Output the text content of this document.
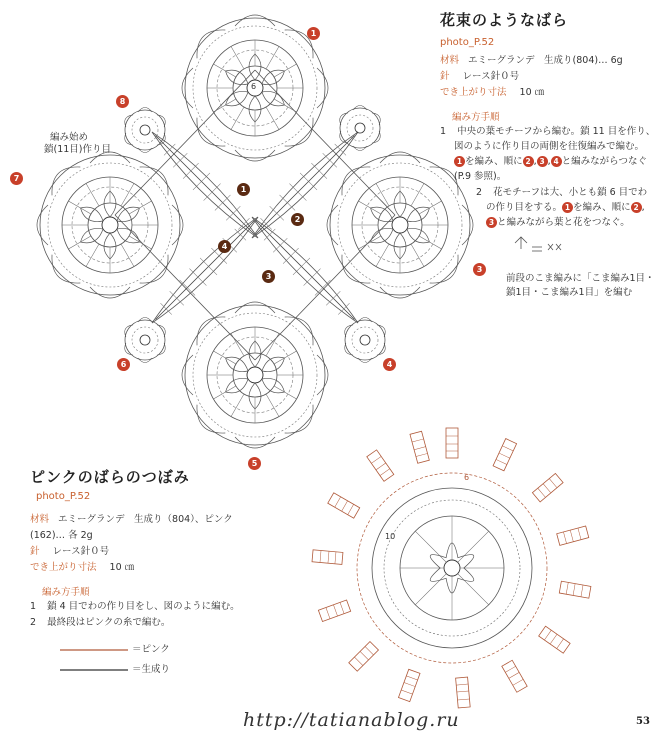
6
6
10
1
3
4
5
6
7
8
1
2
3
4
編み始め
鎖(11目)作り目
花束のようなばら
photo_P.52
材料 エミーグランデ　生成り(804)… 6g
針 レース針０号
でき上がり寸法 10 ㎝
編み方手順
1 中央の葉モチーフから編む。鎖 11 目を作り、
図のように作り目の両側を往復編みで編む。
1 を編み、順に 2 , 3 , 4 と編みながらつなぐ
(P.9 参照)。
2 花モチーフは大、小とも鎖 6 目でわ
の作り目をする。 1 を編み、順に 2 ,
3 と編みながら葉と花をつなぐ。
前段のこま編みに「こま編み1目・
鎖1目・こま編み1目」を編む
ピンクのばらのつぼみ
photo_P.52
材料 エミーグランデ　生成り（804）、ピンク
(162)… 各 2g
針 レース針０号
でき上がり寸法 10 ㎝
編み方手順
1 鎖 4 目でわの作り目をし、図のように編む。
2 最終段はピンクの糸で編む。
＝ピンク
＝生成り
http://tatianablog.ru	53
